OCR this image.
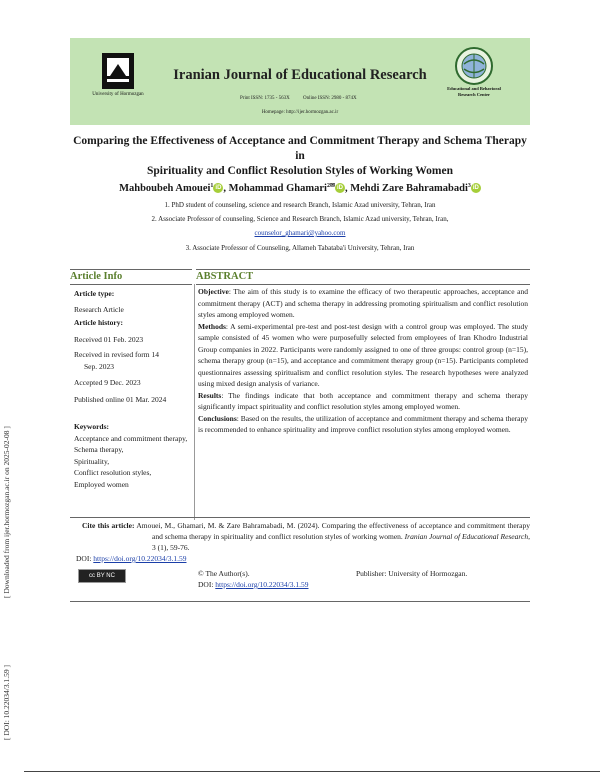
[ Downloaded from ijer.hormozgan.ac.ir on 2025-02-08 ]
[ DOI: 10.22034/3.1.59 ]
University of Hormozgan
Iranian Journal of Educational Research
Print ISSN: 1735 - 563X	Online ISSN: 2980 - 874X
Homepage: http://ijer.hormozgan.ac.ir
Educational and Behavioral
Research Center
Comparing the Effectiveness of Acceptance and Commitment Therapy and Schema Therapy in
Spirituality and Conflict Resolution Styles of Working Women
Mahboubeh Amouei$^1$ iD , Mohammad Ghamari$^{2✉}$ iD , Mehdi Zare Bahramabadi$^3$ iD
1. PhD student of counseling, science and research Branch, Islamic Azad university, Tehran, Iran
2. Associate Professor of counseling, Science and Research Branch, Islamic Azad university, Tehran, Iran,
counselor_ghamari@yahoo.com
3. Associate Professor of Counseling, Allameh Tabataba'i University, Tehran, Iran
Article Info	ABSTRACT
Article type:
Research Article
Article history:
Received 01 Feb. 2023
Received in revised form 14
Sep. 2023
Accepted 9 Dec. 2023
Published online 01 Mar. 2024
Keywords:
Acceptance and commitment therapy,
Schema therapy,
Spirituality,
Conflict resolution styles,
Employed women

Objective: The aim of this study is to examine the efficacy of two therapeutic approaches, acceptance and commitment therapy (ACT) and schema therapy in addressing promoting spiritualism and conflict resolution styles among employed women.

Methods: A semi-experimental pre-test and post-test design with a control group was employed. The study sample consisted of 45 women who were purposefully selected from employees of Iran Khodro Industrial Group companies in 2022. Participants were randomly assigned to one of three groups: control group (n=15), schema therapy group (n=15), and acceptance and commitment therapy group (n=15). Participants completed questionnaires assessing spiritualism and conflict resolution styles. The research hypotheses were analyzed using mixed design analysis of variance.

Results: The findings indicate that both acceptance and commitment therapy and schema therapy significantly impact spirituality and conflict resolution styles among employed women.

Conclusions: Based on the results, the utilization of acceptance and commitment therapy and schema therapy is recommended to enhance spirituality and improve conflict resolution styles among employed women.

Cite this article: Amouei, M., Ghamari, M. & Zare Bahramabadi, M. (2024). Comparing the effectiveness of acceptance and commitment therapy and schema therapy in spirituality and conflict resolution styles of working women. Iranian Journal of Educational Research, 3 (1), 59-76.
DOI: https://doi.org/10.22034/3.1.59
cc BY NC	© The Author(s).	Publisher: University of Hormozgan.
DOI: https://doi.org/10.22034/3.1.59
